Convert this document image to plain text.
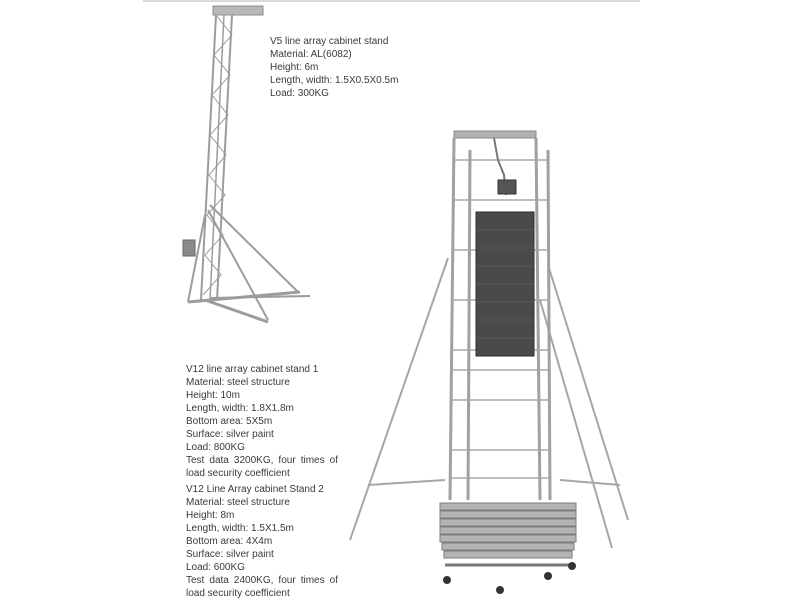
V5 line array cabinet stand
Material: AL(6082)
Height: 6m
Length, width: 1.5X0.5X0.5m
Load: 300KG
V12 line array cabinet stand 1
Material: steel structure
Height: 10m
Length, width: 1.8X1.8m
Bottom area: 5X5m
Surface: silver paint
Load: 800KG
Test data 3200KG, four times of load security coefficient
V12 Line Array cabinet Stand 2
Material: steel structure
Height: 8m
Length, width: 1.5X1.5m
Bottom area: 4X4m
Surface: silver paint
Load: 600KG
Test data 2400KG, four times of load security coefficient
